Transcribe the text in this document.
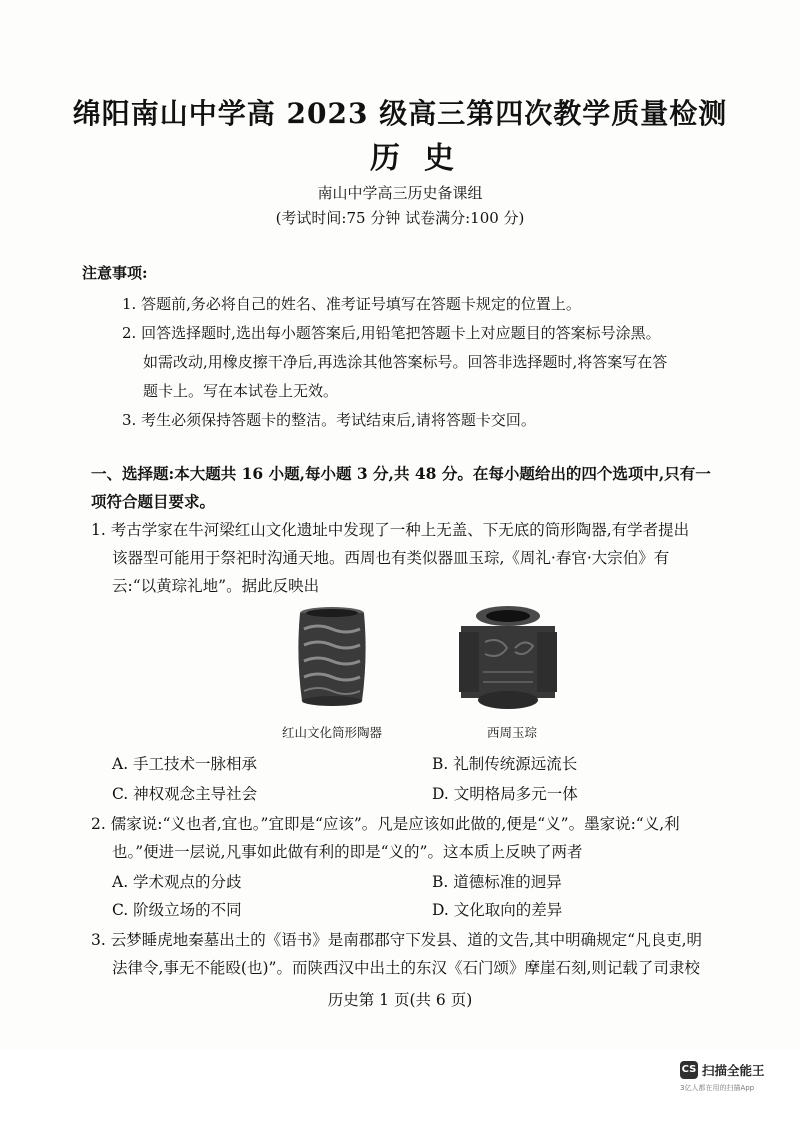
绵阳南山中学高 2023 级高三第四次教学质量检测
历史
南山中学高三历史备课组
(考试时间:75 分钟 试卷满分:100 分)
注意事项:
1. 答题前,务必将自己的姓名、准考证号填写在答题卡规定的位置上。
2. 回答选择题时,选出每小题答案后,用铅笔把答题卡上对应题目的答案标号涂黑。
如需改动,用橡皮擦干净后,再选涂其他答案标号。回答非选择题时,将答案写在答
题卡上。写在本试卷上无效。
3. 考生必须保持答题卡的整洁。考试结束后,请将答题卡交回。
一、选择题:本大题共 16 小题,每小题 3 分,共 48 分。在每小题给出的四个选项中,只有一
项符合题目要求。
1. 考古学家在牛河梁红山文化遗址中发现了一种上无盖、下无底的筒形陶器,有学者提出
该器型可能用于祭祀时沟通天地。西周也有类似器皿玉琮,《周礼·春官·大宗伯》有
云:“以黄琮礼地”。据此反映出
红山文化筒形陶器	西周玉琮
A. 手工技术一脉相承	B. 礼制传统源远流长
C. 神权观念主导社会	D. 文明格局多元一体
2. 儒家说:“义也者,宜也。”宜即是“应该”。凡是应该如此做的,便是“义”。墨家说:“义,利
也。”便进一层说,凡事如此做有利的即是“义的”。这本质上反映了两者
A. 学术观点的分歧	B. 道德标准的迥异
C. 阶级立场的不同	D. 文化取向的差异
3. 云梦睡虎地秦墓出土的《语书》是南郡郡守下发县、道的文告,其中明确规定“凡良吏,明
法律令,事无不能殴(也)”。而陕西汉中出土的东汉《石门颂》摩崖石刻,则记载了司隶校
历史第 1 页(共 6 页)
CS 扫描全能王
3亿人都在用的扫描App
